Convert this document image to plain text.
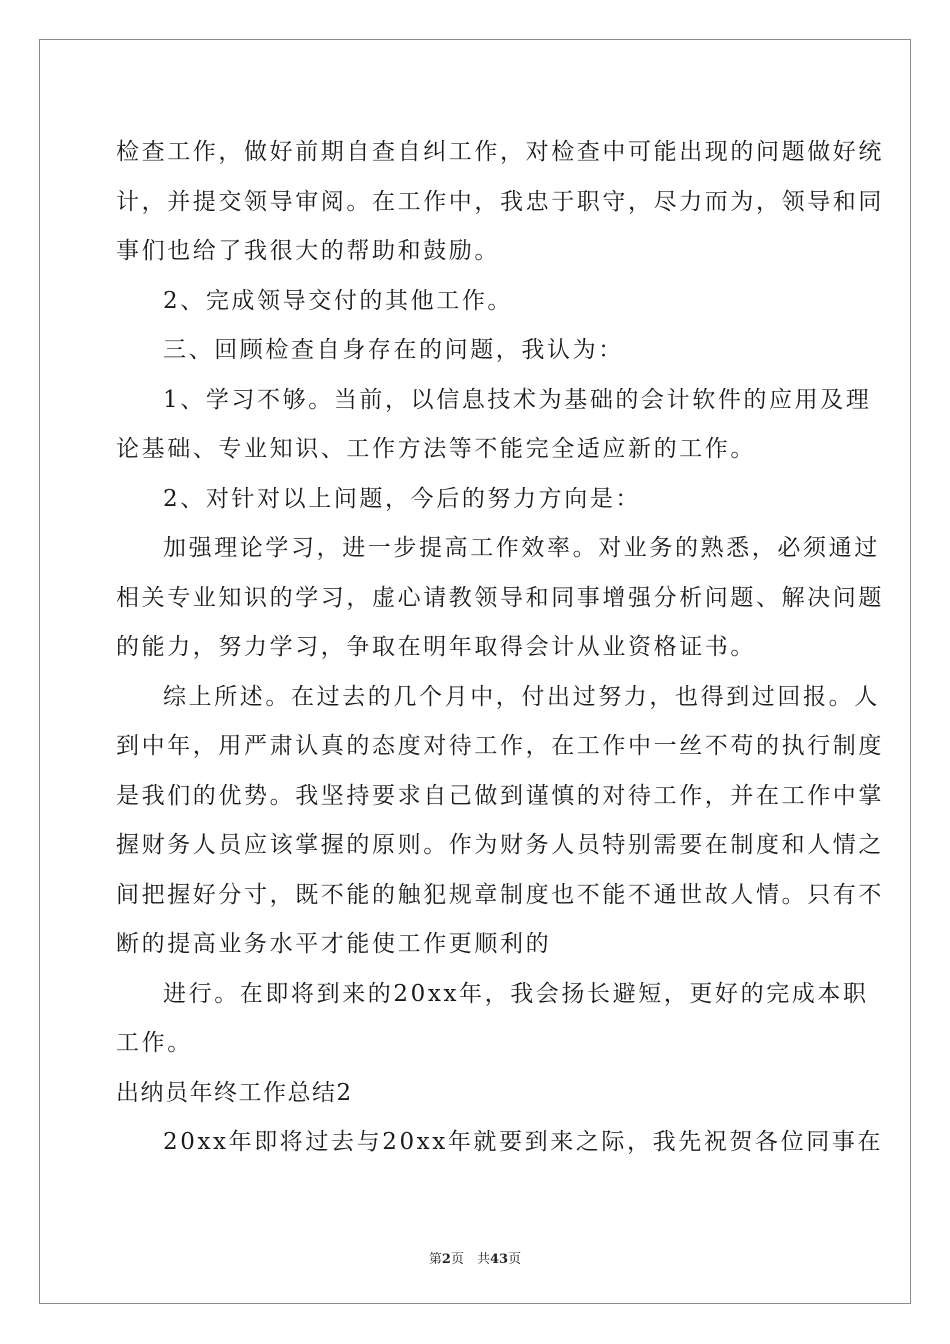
检查工作，做好前期自查自纠工作，对检查中可能出现的问题做好统
计，并提交领导审阅。在工作中，我忠于职守，尽力而为，领导和同
事们也给了我很大的帮助和鼓励。
2、完成领导交付的其他工作。
三、回顾检查自身存在的问题，我认为：
1、学习不够。当前，以信息技术为基础的会计软件的应用及理
论基础、专业知识、工作方法等不能完全适应新的工作。
2、对针对以上问题，今后的努力方向是：
加强理论学习，进一步提高工作效率。对业务的熟悉，必须通过
相关专业知识的学习，虚心请教领导和同事增强分析问题、解决问题
的能力，努力学习，争取在明年取得会计从业资格证书。
综上所述。在过去的几个月中，付出过努力，也得到过回报。人
到中年，用严肃认真的态度对待工作，在工作中一丝不苟的执行制度
是我们的优势。我坚持要求自己做到谨慎的对待工作，并在工作中掌
握财务人员应该掌握的原则。作为财务人员特别需要在制度和人情之
间把握好分寸，既不能的触犯规章制度也不能不通世故人情。只有不
断的提高业务水平才能使工作更顺利的
进行。在即将到来的20xx年，我会扬长避短，更好的完成本职
工作。
出纳员年终工作总结2
20xx年即将过去与20xx年就要到来之际，我先祝贺各位同事在
第2页　共43页
